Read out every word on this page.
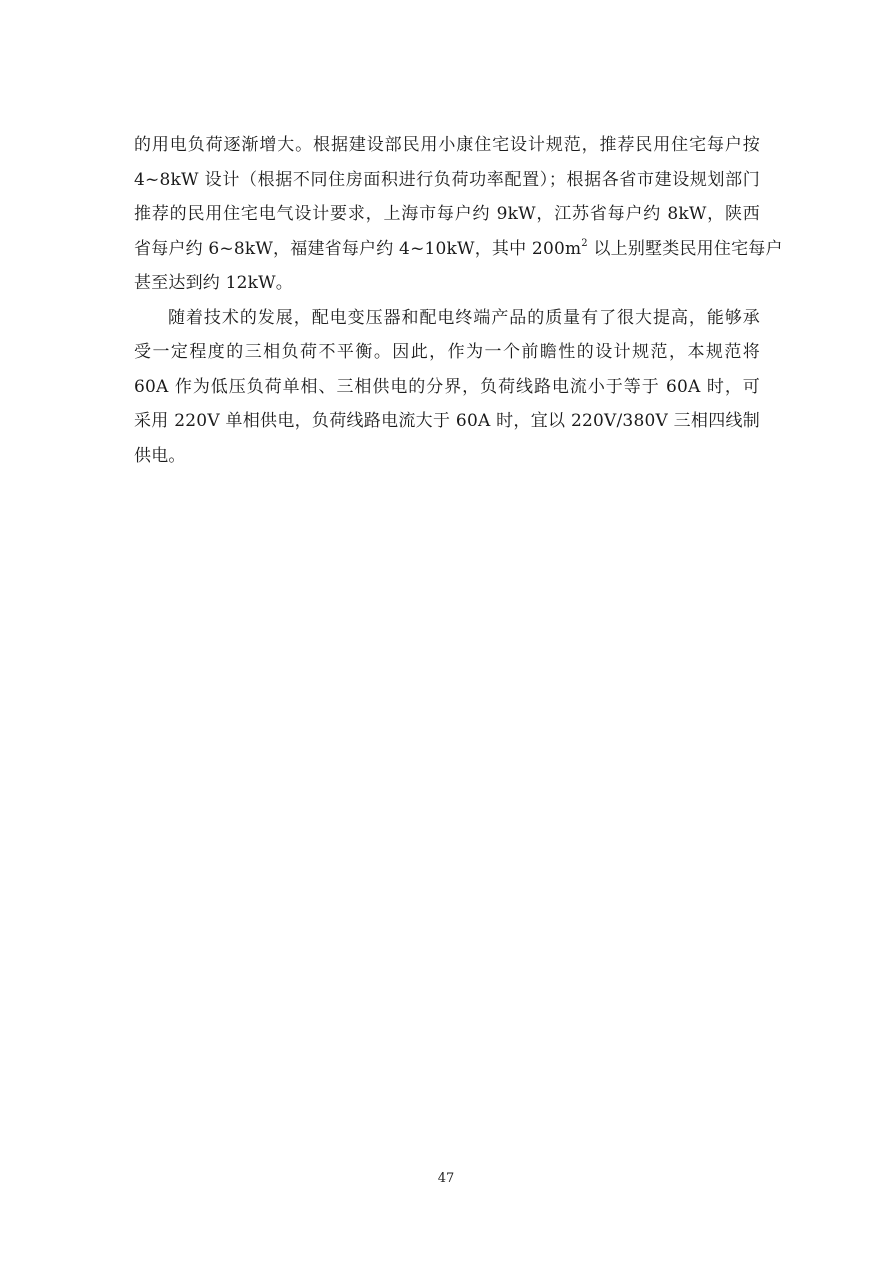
的用电负荷逐渐增大。根据建设部民用小康住宅设计规范，推荐民用住宅每户按
4~8kW 设计（根据不同住房面积进行负荷功率配置）；根据各省市建设规划部门
推荐的民用住宅电气设计要求，上海市每户约 9kW，江苏省每户约 8kW，陕西
省每户约 6~8kW，福建省每户约 4~10kW，其中 $200m^2$ 以上别墅类民用住宅每户
甚至达到约 12kW。

随着技术的发展，配电变压器和配电终端产品的质量有了很大提高，能够承
受一定程度的三相负荷不平衡。因此，作为一个前瞻性的设计规范，本规范将
60A 作为低压负荷单相、三相供电的分界，负荷线路电流小于等于 60A 时，可
采用 220V 单相供电，负荷线路电流大于 60A 时，宜以 220V/380V 三相四线制
供电。

47
